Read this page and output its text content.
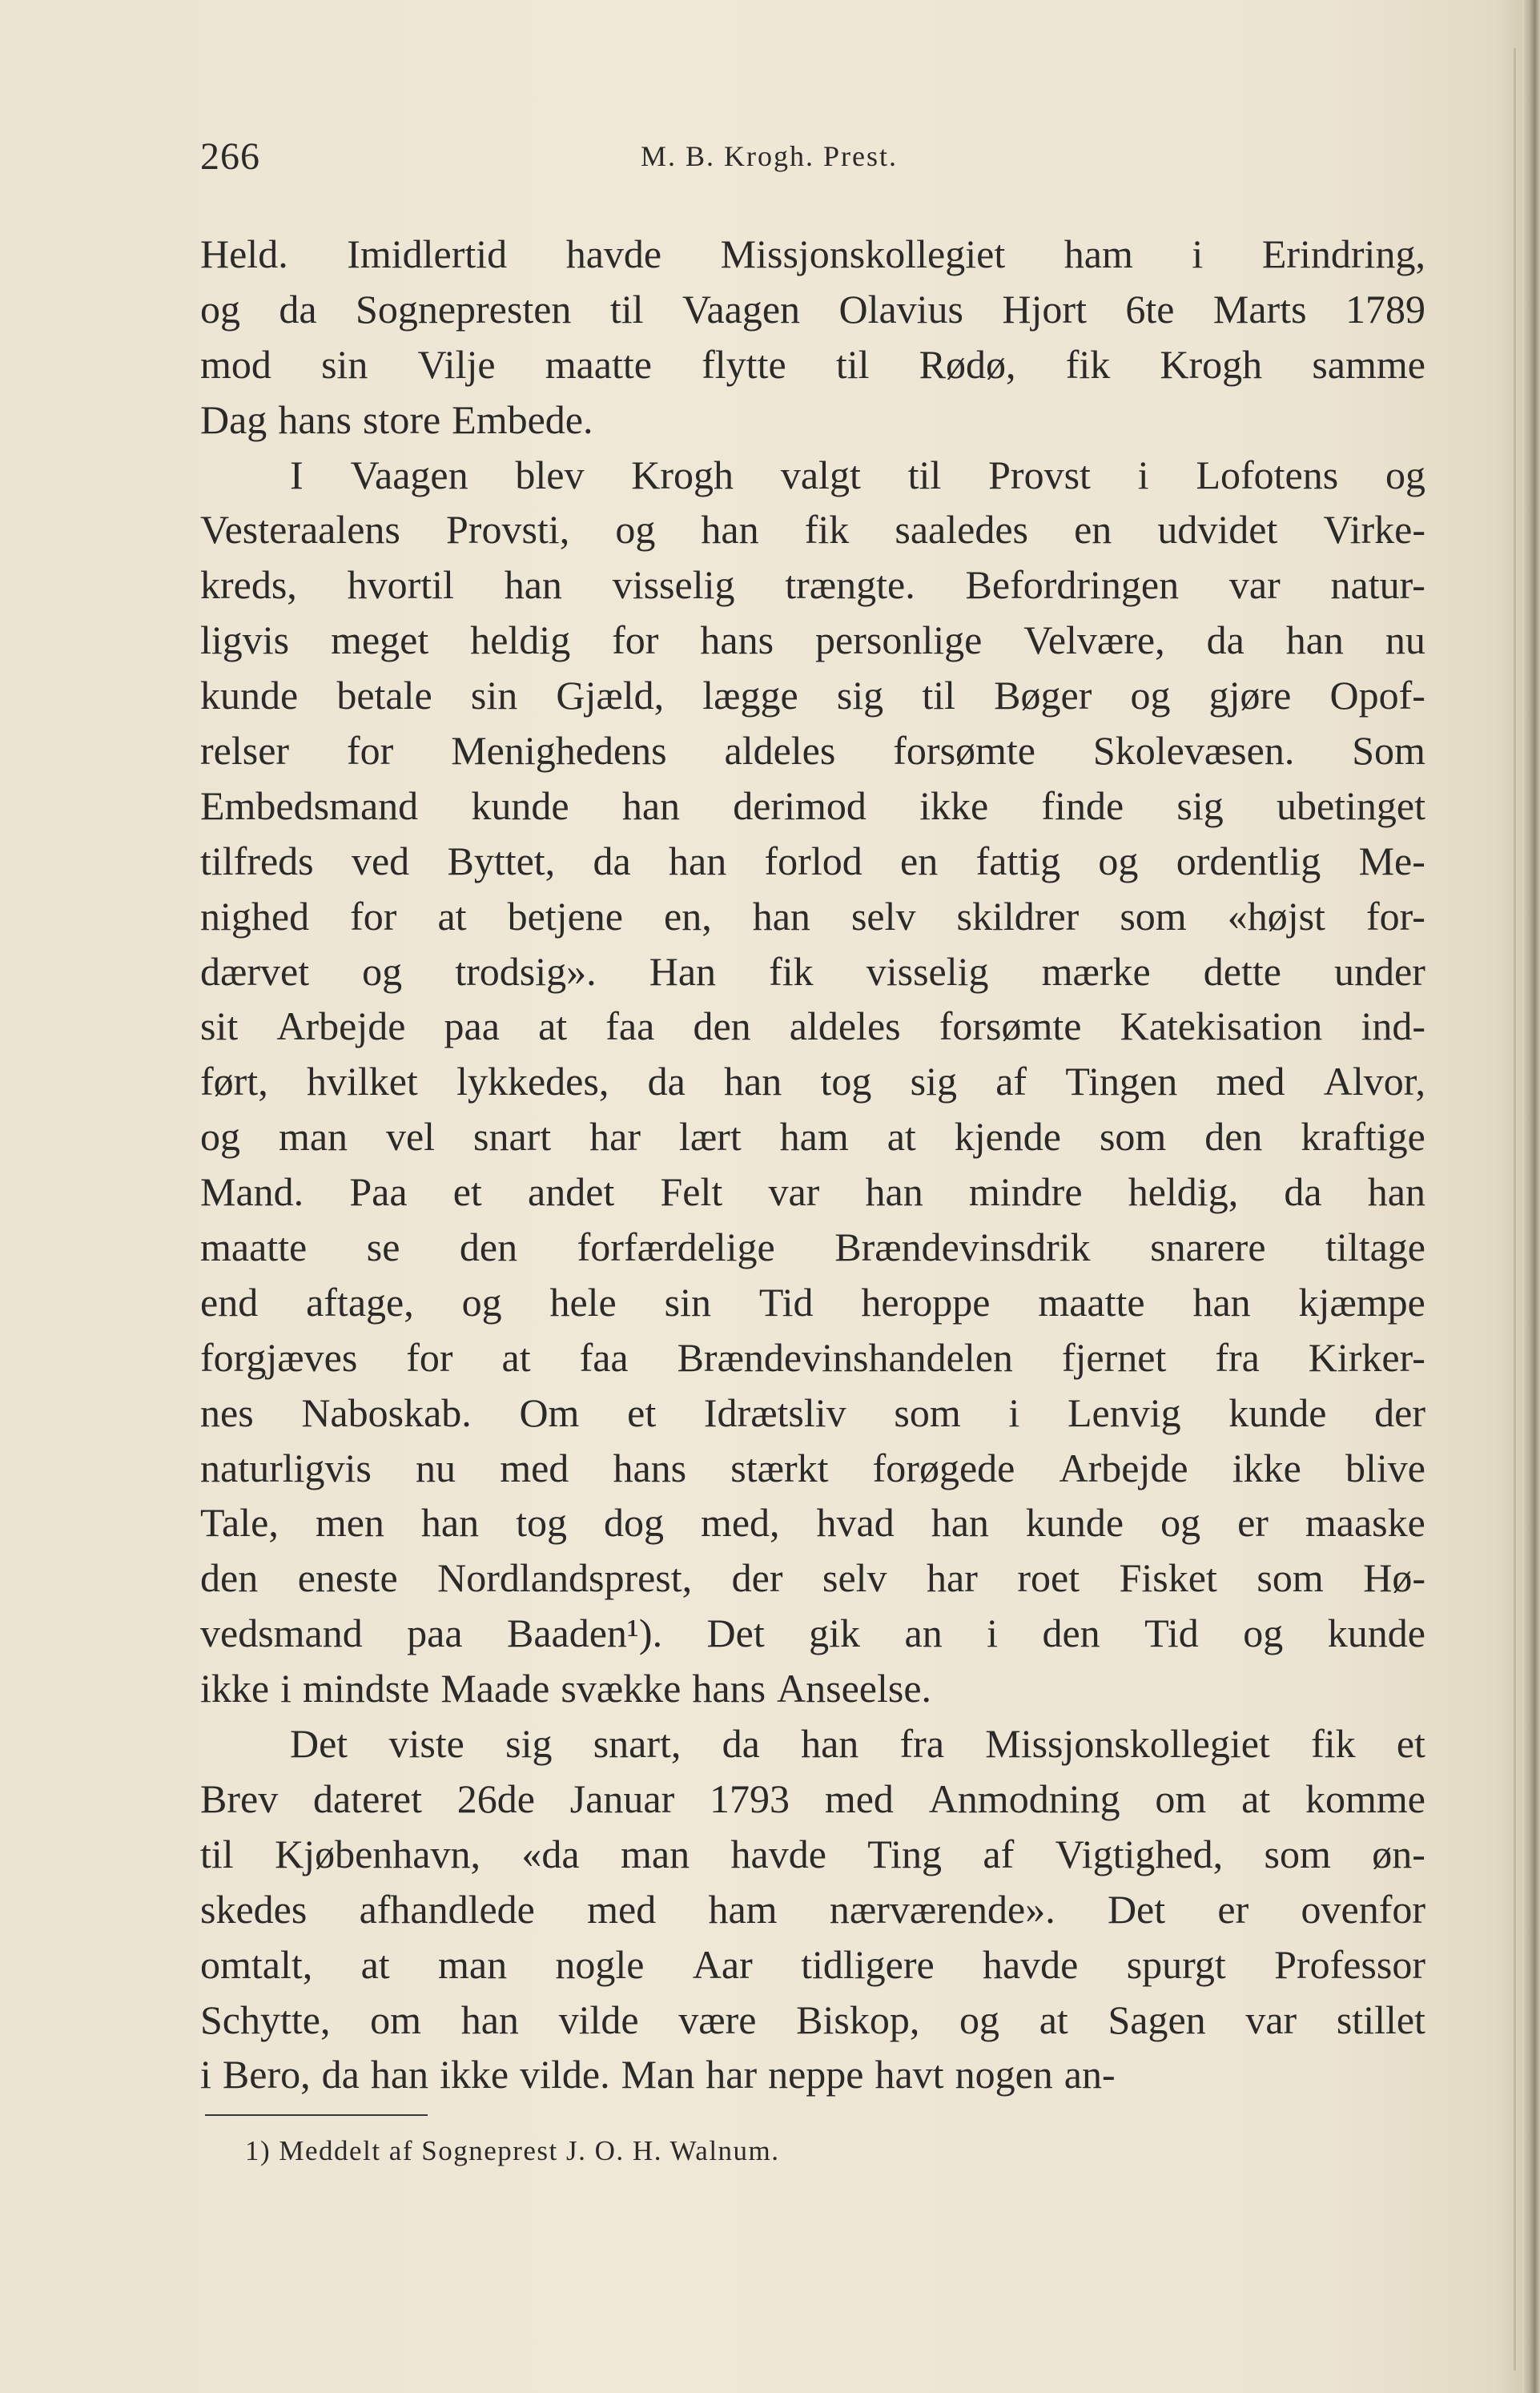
266	M. B. Krogh. Prest.
Held. Imidlertid havde Missjonskollegiet ham i Erindring,
og da Sognepresten til Vaagen Olavius Hjort 6te Marts 1789
mod sin Vilje maatte flytte til Rødø, fik Krogh samme
Dag hans store Embede.
I Vaagen blev Krogh valgt til Provst i Lofotens og
Vesteraalens Provsti, og han fik saaledes en udvidet Virke-
kreds, hvortil han visselig trængte. Befordringen var natur-
ligvis meget heldig for hans personlige Velvære, da han nu
kunde betale sin Gjæld, lægge sig til Bøger og gjøre Opof-
relser for Menighedens aldeles forsømte Skolevæsen. Som
Embedsmand kunde han derimod ikke finde sig ubetinget
tilfreds ved Byttet, da han forlod en fattig og ordentlig Me-
nighed for at betjene en, han selv skildrer som «højst for-
dærvet og trodsig». Han fik visselig mærke dette under
sit Arbejde paa at faa den aldeles forsømte Katekisation ind-
ført, hvilket lykkedes, da han tog sig af Tingen med Alvor,
og man vel snart har lært ham at kjende som den kraftige
Mand. Paa et andet Felt var han mindre heldig, da han
maatte se den forfærdelige Brændevinsdrik snarere tiltage
end aftage, og hele sin Tid heroppe maatte han kjæmpe
forgjæves for at faa Brændevinshandelen fjernet fra Kirker-
nes Naboskab. Om et Idrætsliv som i Lenvig kunde der
naturligvis nu med hans stærkt forøgede Arbejde ikke blive
Tale, men han tog dog med, hvad han kunde og er maaske
den eneste Nordlandsprest, der selv har roet Fisket som Hø-
vedsmand paa Baaden¹). Det gik an i den Tid og kunde
ikke i mindste Maade svække hans Anseelse.
Det viste sig snart, da han fra Missjonskollegiet fik et
Brev dateret 26de Januar 1793 med Anmodning om at komme
til Kjøbenhavn, «da man havde Ting af Vigtighed, som øn-
skedes afhandlede med ham nærværende». Det er ovenfor
omtalt, at man nogle Aar tidligere havde spurgt Professor
Schytte, om han vilde være Biskop, og at Sagen var stillet
i Bero, da han ikke vilde. Man har neppe havt nogen an-
1) Meddelt af Sogneprest J. O. H. Walnum.
